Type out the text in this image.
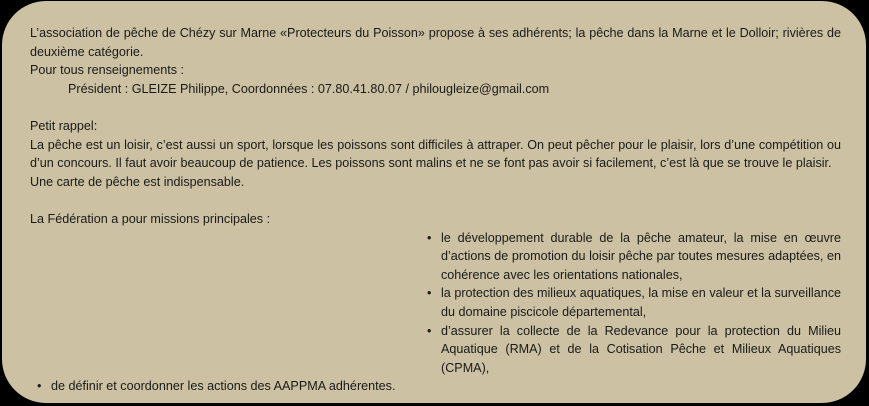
L’association de pêche de Chézy sur Marne «Protecteurs du Poisson» propose à ses adhérents; la pêche dans la Marne et le Dolloir; rivières de deuxième catégorie.

Pour tous renseignements :

Président : GLEIZE Philippe, Coordonnées : 07.80.41.80.07 / philougleize@gmail.com

Petit rappel:

La pêche est un loisir, c’est aussi un sport, lorsque les poissons sont difficiles à attraper. On peut pêcher pour le plaisir, lors d’une compétition ou d’un concours. Il faut avoir beaucoup de patience. Les poissons sont malins et ne se font pas avoir si facilement, c’est là que se trouve le plaisir.

Une carte de pêche est indispensable.

La Fédération a pour missions principales :

• le développement durable de la pêche amateur, la mise en œuvre d’actions de promotion du loisir pêche par toutes mesures adaptées, en cohérence avec les orientations nationales,
• la protection des milieux aquatiques, la mise en valeur et la surveillance du domaine piscicole départemental,
• d’assurer la collecte de la Redevance pour la protection du Milieu Aquatique (RMA) et de la Cotisation Pêche et Milieux Aquatiques (CPMA),
• de définir et coordonner les actions des AAPPMA adhérentes.
